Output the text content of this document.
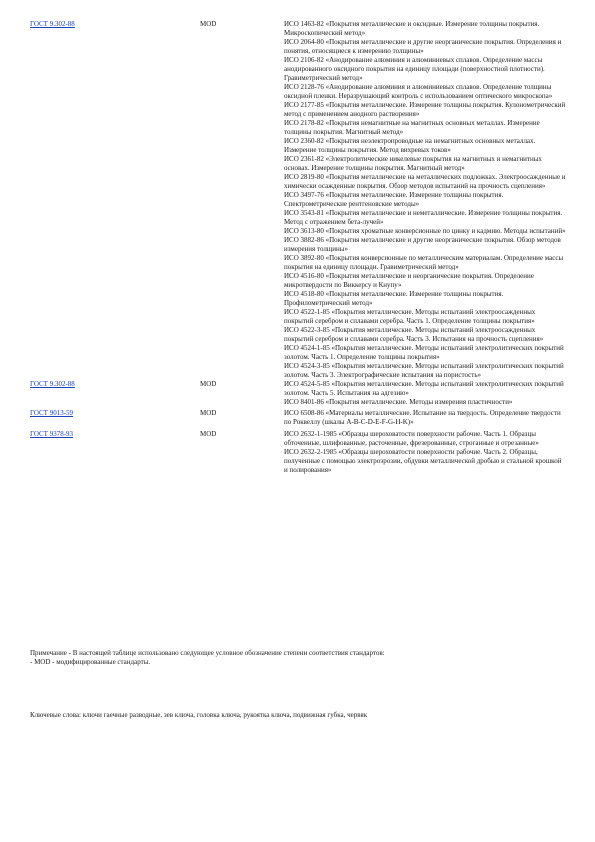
ГОСТ 9.302-88	MOD	ИСО 1463-82 «Покрытия металлические и оксидные. Измерение толщины покрытия. Микроскопический метод»

ИСО 2064-80 «Покрытия металлические и другие неорганические покрытия. Определения и понятия, относящиеся к измерению толщины»

ИСО 2106-82 «Анодирование алюминия и алюминиевых сплавов. Определение массы анодированного оксидного покрытия на единицу площади (поверхностной плотности). Гравиметрический метод»

ИСО 2128-76 «Анодирование алюминия и алюминиевых сплавов. Определение толщины оксидной пленки. Неразрушающий контроль с использованием оптического микроскопа»

ИСО 2177-85 «Покрытия металлические. Измерение толщины покрытия. Кулонометрический метод с применением анодного растворения»

ИСО 2178-82 «Покрытия немагнитные на магнитных основных металлах. Измерение толщины покрытия. Магнитный метод»

ИСО 2360-82 «Покрытия неэлектропроводные на немагнитных основных металлах. Измерение толщины покрытия. Метод вихревых токов»

ИСО 2361-82 «Электролитические никелевые покрытия на магнитных и немагнитных основах. Измерение толщины покрытия. Магнитный метод»

ИСО 2819-80 «Покрытия металлические на металлических подложках. Электроосажденные и химически осажденные покрытия. Обзор методов испытаний на прочность сцепления»

ИСО 3497-76 «Покрытия металлические. Измерение толщины покрытия. Спектрометрические рентгеновские методы»

ИСО 3543-81 «Покрытия металлические и неметаллические. Измерение толщины покрытия. Метод с отражением бета-лучей»

ИСО 3613-80 «Покрытия хроматные конверсионные по цинку и кадмию. Методы испытаний»

ИСО 3882-86 «Покрытия металлические и другие неорганические покрытия. Обзор методов измерения толщины»

ИСО 3892-80 «Покрытия конверсионные по металлическим материалам. Определение массы покрытия на единицу площади. Гравиметрический метод»

ИСО 4516-80 «Покрытия металлические и неорганические покрытия. Определение микротвердости по Виккерсу и Кнупу»

ИСО 4518-80 «Покрытия металлические. Измерение толщины покрытия. Профилометрический метод»

ИСО 4522-1-85 «Покрытия металлические. Методы испытаний электроосажденных покрытий серебром и сплавами серебра. Часть 1. Определение толщины покрытия»

ИСО 4522-3-85 «Покрытия металлические. Методы испытаний электроосажденных покрытий серебром и сплавами серебра. Часть 3. Испытания на прочность сцепления»

ИСО 4524-1-85 «Покрытия металлические. Методы испытаний электролитических покрытий золотом. Часть 1. Определение толщины покрытия»

ИСО 4524-3-85 «Покрытия металлические. Методы испытаний электролитических покрытий золотом. Часть 3. Электрографические испытания на пористость»

ГОСТ 9.302-88	MOD	ИСО 4524-5-85 «Покрытия металлические. Методы испытаний электролитических покрытий золотом. Часть 5. Испытания на адгезию»

ИСО 8401-86 «Покрытия металлические. Методы измерения пластичности»

ГОСТ 9013-59	MOD	ИСО 6508-86 «Материалы металлические. Испытание на твердость. Определение твердости по Роквеллу (шкалы A-B-C-D-E-F-G-H-K)»

ГОСТ 9378-93	MOD	ИСО 2632-1-1985 «Образцы шероховатости поверхности рабочие. Часть 1. Образцы обточенные, шлифованные, расточенные, фрезерованные, строганные и отрезанные»

ИСО 2632-2-1985 «Образцы шероховатости поверхности рабочие. Часть 2. Образцы, полученные с помощью электроэрозии, обдувки металлической дробью и стальной крошкой и полирования»

Примечание - В настоящей таблице использовано следующее условное обозначение степени соответствия стандартов:

- MOD - модифицированные стандарты.

Ключевые слова: ключи гаечные разводные, зев ключа, головка ключа, рукоятка ключа, подвижная губка, червяк
